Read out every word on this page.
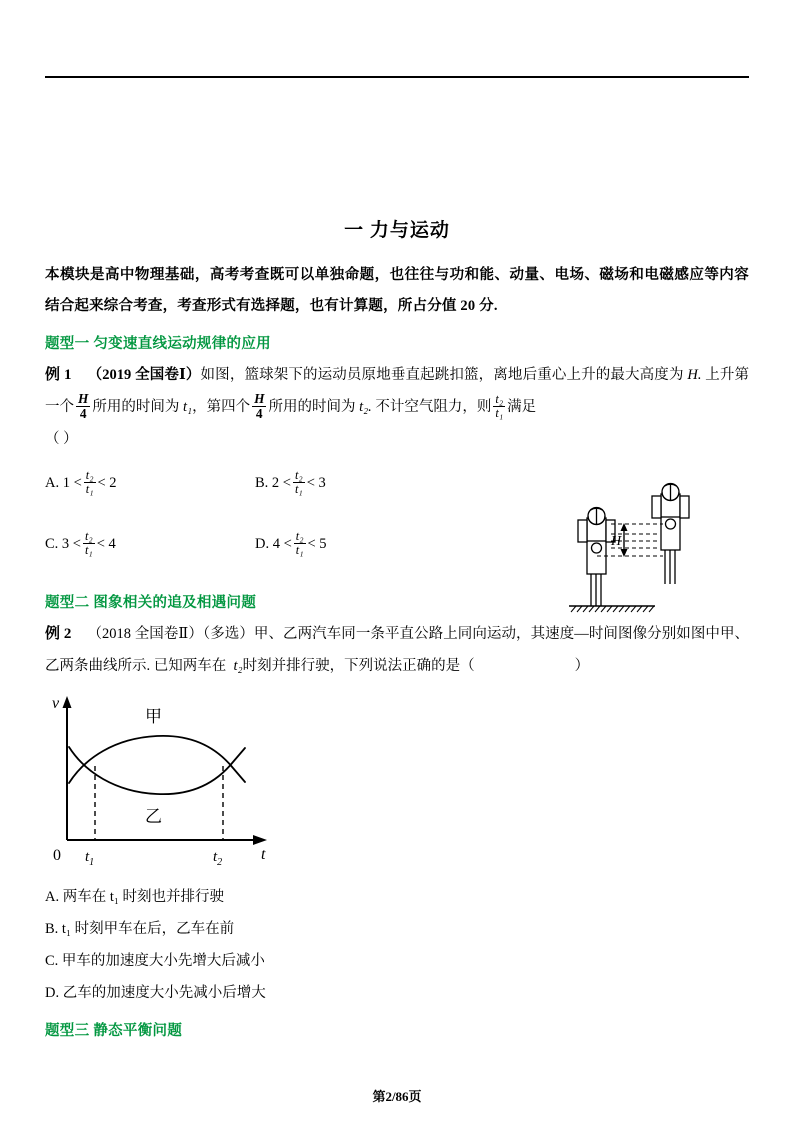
一 力与运动

本模块是高中物理基础，高考考查既可以单独命题，也往往与功和能、动量、电场、磁场和电磁感应等内容结合起来综合考查，考查形式有选择题，也有计算题，所占分值 20 分.

题型一 匀变速直线运动规律的应用

例 1 （2019 全国卷Ⅰ）如图，篮球架下的运动员原地垂直起跳扣篮，离地后重心上升的最大高度为 H. 上升第一个 $\frac{H}{4}$ 所用的时间为 t₁，第四个 $\frac{H}{4}$ 所用的时间为 t₂. 不计空气阻力，则 $\frac{\text{t₂}}{\text{t₁}}$ 满足

（ ）

A. $1 < \frac{\text{t₂}}{\text{t₁}} < 2$	B. $2 < \frac{\text{t₂}}{\text{t₁}} < 3$
C. $3 < \frac{\text{t₂}}{\text{t₁}} < 4$	D. $4 < \frac{\text{t₂}}{\text{t₁}} < 5$
题型二 图象相关的追及相遇问题

例 2 （2018 全国卷Ⅱ）（多选）甲、乙两汽车同一条平直公路上同向运动，其速度—时间图像分别如图中甲、乙两条曲线所示. 已知两车在 t₂时刻并排行驶，下列说法正确的是（	）

v
t
0 $t_1$	$t_2$
甲
乙
A. 两车在 t₁ 时刻也并排行驶
B. t₁ 时刻甲车在后，乙车在前
C. 甲车的加速度大小先增大后减小
D. 乙车的加速度大小先减小后增大
题型三 静态平衡问题
H
第2/86页
